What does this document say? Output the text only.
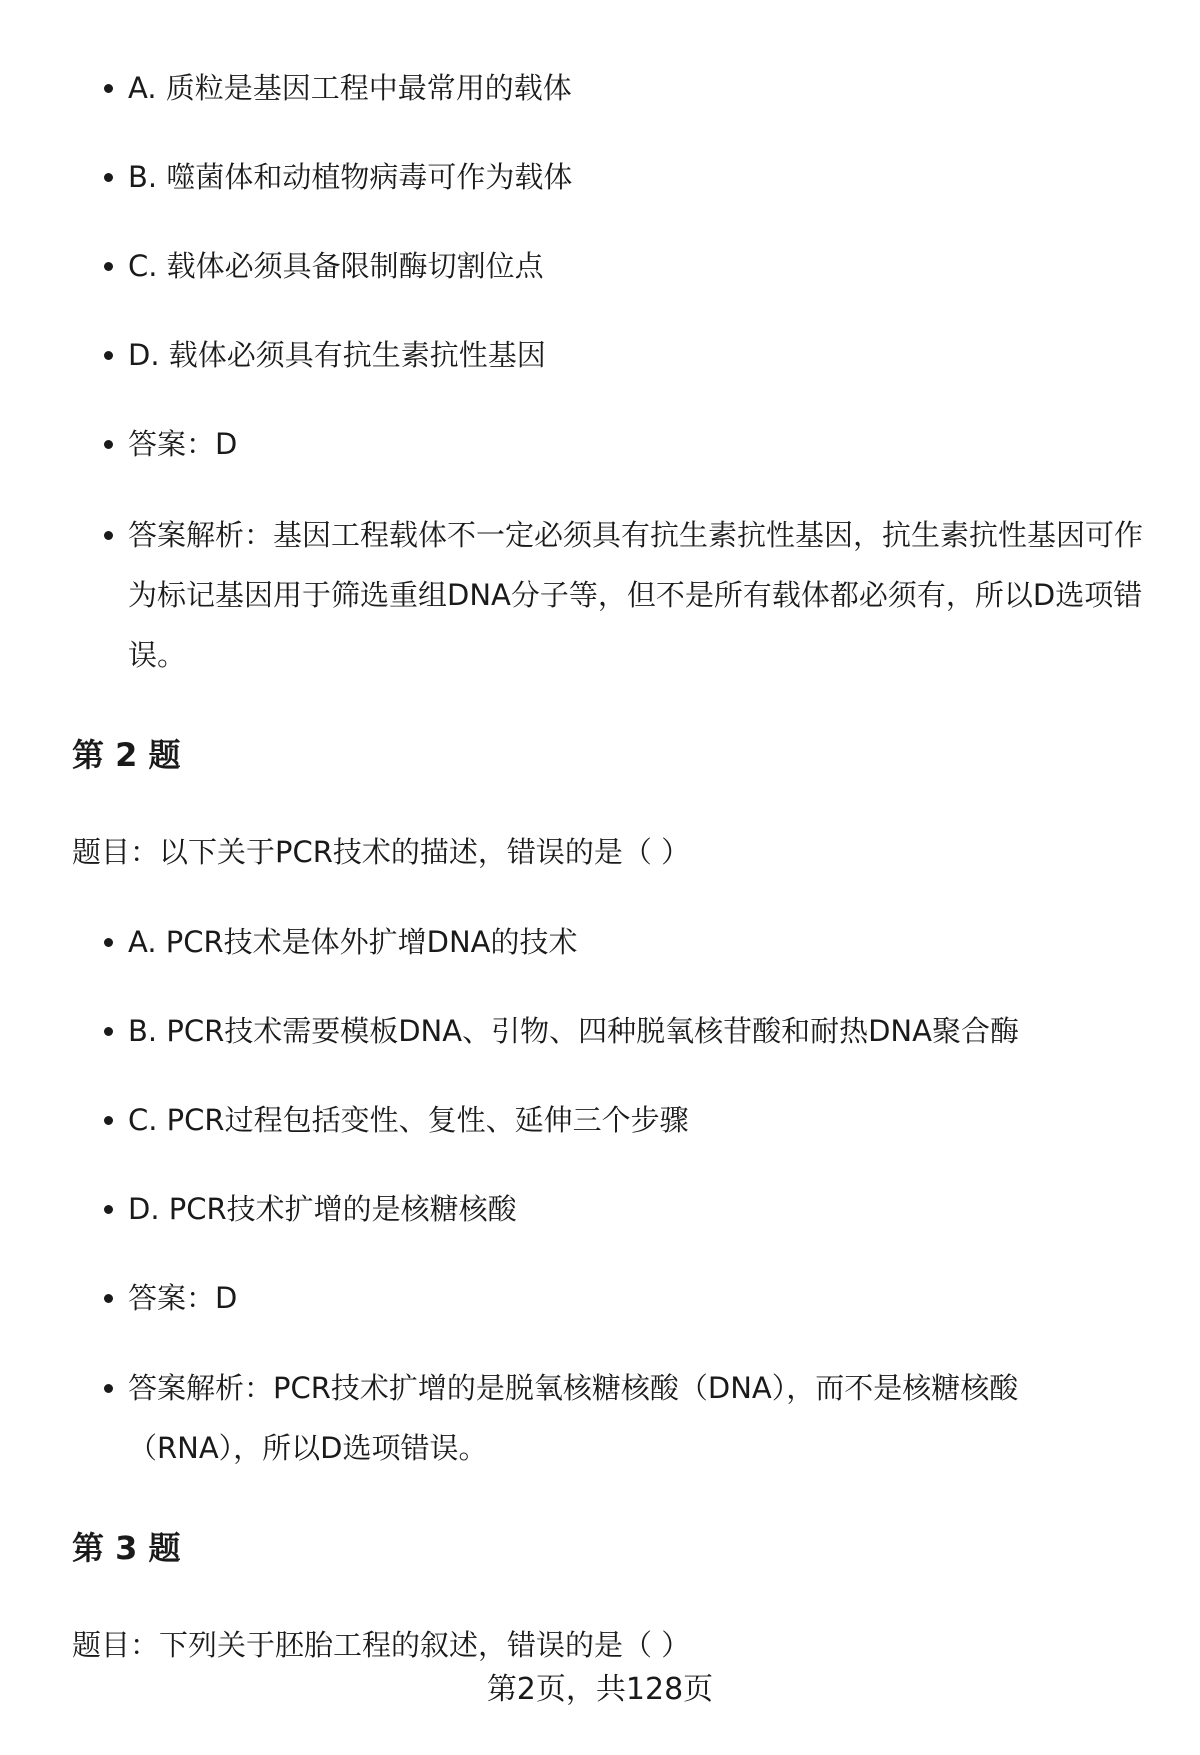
A. 质粒是基因工程中最常用的载体
B. 噬菌体和动植物病毒可作为载体
C. 载体必须具备限制酶切割位点
D. 载体必须具有抗生素抗性基因
答案：D
答案解析：基因工程载体不一定必须具有抗生素抗性基因，抗生素抗性基因可作为标记基因用于筛选重组DNA分子等，但不是所有载体都必须有，所以D选项错误。
第 2 题

题目：以下关于PCR技术的描述，错误的是（ ）

A. PCR技术是体外扩增DNA的技术
B. PCR技术需要模板DNA、引物、四种脱氧核苷酸和耐热DNA聚合酶
C. PCR过程包括变性、复性、延伸三个步骤
D. PCR技术扩增的是核糖核酸
答案：D
答案解析：PCR技术扩增的是脱氧核糖核酸（DNA），而不是核糖核酸（RNA），所以D选项错误。
第 3 题

题目：下列关于胚胎工程的叙述，错误的是（ ）

第2页，共128页
